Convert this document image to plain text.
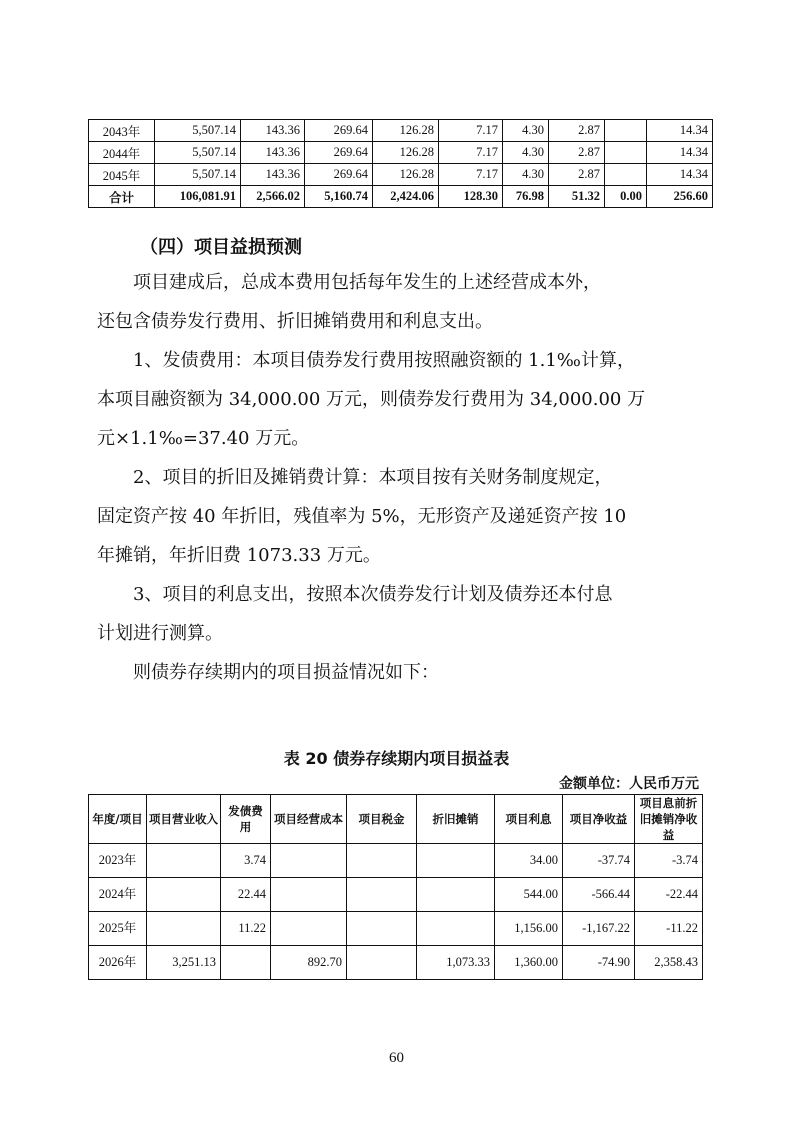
2043年	5,507.14	143.36	269.64	126.28	7.17	4.30	2.87		14.34
2044年	5,507.14	143.36	269.64	126.28	7.17	4.30	2.87		14.34
2045年	5,507.14	143.36	269.64	126.28	7.17	4.30	2.87		14.34
合计	106,081.91	2,566.02	5,160.74	2,424.06	128.30	76.98	51.32	0.00	256.60
（四）项目益损预测

项目建成后，总成本费用包括每年发生的上述经营成本外，
还包含债券发行费用、折旧摊销费用和利息支出。

1、发债费用：本项目债券发行费用按照融资额的 1.1‰计算，
本项目融资额为 34,000.00 万元，则债券发行费用为 34,000.00 万
元×1.1‰=37.40 万元。

2、项目的折旧及摊销费计算：本项目按有关财务制度规定，
固定资产按 40 年折旧，残值率为 5%，无形资产及递延资产按 10
年摊销，年折旧费 1073.33 万元。

3、项目的利息支出，按照本次债券发行计划及债券还本付息
计划进行测算。

则债券存续期内的项目损益情况如下：

表 20 债券存续期内项目损益表
金额单位：人民币万元
年度/项目	项目营业收入	发债费用	项目经营成本	项目税金	折旧摊销	项目利息	项目净收益	项目息前折旧摊销净收益
2023年		3.74				34.00	-37.74	-3.74
2024年		22.44				544.00	-566.44	-22.44
2025年		11.22				1,156.00	-1,167.22	-11.22
2026年	3,251.13		892.70		1,073.33	1,360.00	-74.90	2,358.43
60
